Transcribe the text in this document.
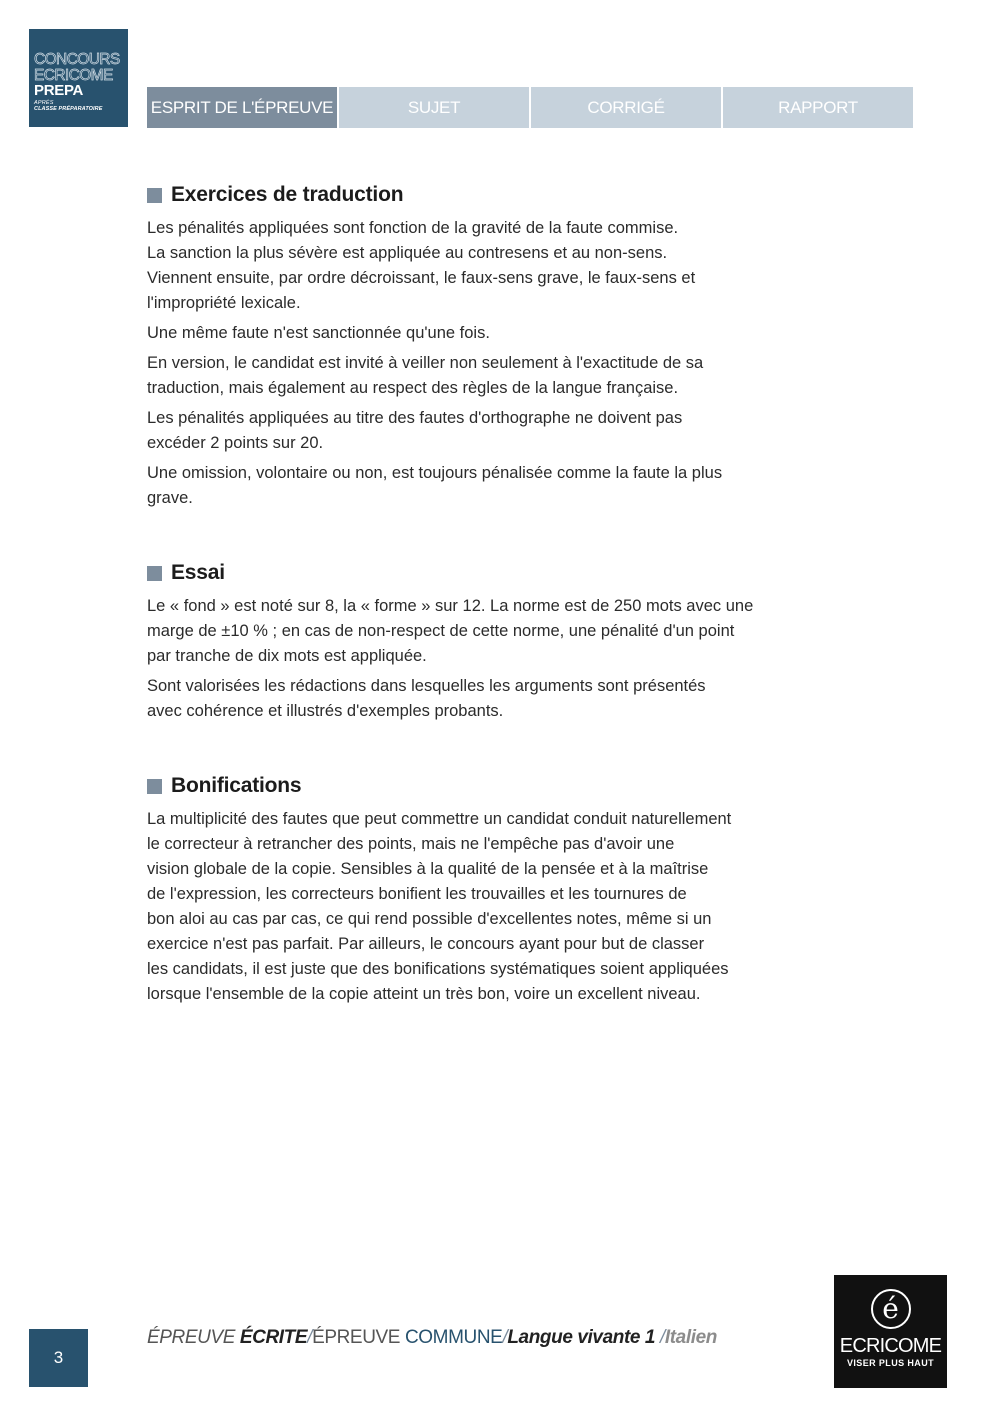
CONCOURS
ECRICOME
PREPA
APRÈS
CLASSE PRÉPARATOIRE	ESPRIT DE L'ÉPREUVE	SUJET	CORRIGÉ	RAPPORT
Exercices de traduction

Les pénalités appliquées sont fonction de la gravité de la faute commise.
La sanction la plus sévère est appliquée au contresens et au non-sens.
Viennent ensuite, par ordre décroissant, le faux-sens grave, le faux-sens et
l'impropriété lexicale.

Une même faute n'est sanctionnée qu'une fois.

En version, le candidat est invité à veiller non seulement à l'exactitude de sa
traduction, mais également au respect des règles de la langue française.

Les pénalités appliquées au titre des fautes d'orthographe ne doivent pas
excéder 2 points sur 20.

Une omission, volontaire ou non, est toujours pénalisée comme la faute la plus
grave.

Essai

Le « fond » est noté sur 8, la « forme » sur 12. La norme est de 250 mots avec une
marge de ±10 % ; en cas de non-respect de cette norme, une pénalité d'un point
par tranche de dix mots est appliquée.

Sont valorisées les rédactions dans lesquelles les arguments sont présentés
avec cohérence et illustrés d'exemples probants.

Bonifications

La multiplicité des fautes que peut commettre un candidat conduit naturellement
le correcteur à retrancher des points, mais ne l'empêche pas d'avoir une
vision globale de la copie. Sensibles à la qualité de la pensée et à la maîtrise
de l'expression, les correcteurs bonifient les trouvailles et les tournures de
bon aloi au cas par cas, ce qui rend possible d'excellentes notes, même si un
exercice n'est pas parfait. Par ailleurs, le concours ayant pour but de classer
les candidats, il est juste que des bonifications systématiques soient appliquées
lorsque l'ensemble de la copie atteint un très bon, voire un excellent niveau.

3
ÉPREUVE ÉCRITE/ÉPREUVE COMMUNE/Langue vivante 1 /Italien
é
ECRICOME
VISER PLUS HAUT
